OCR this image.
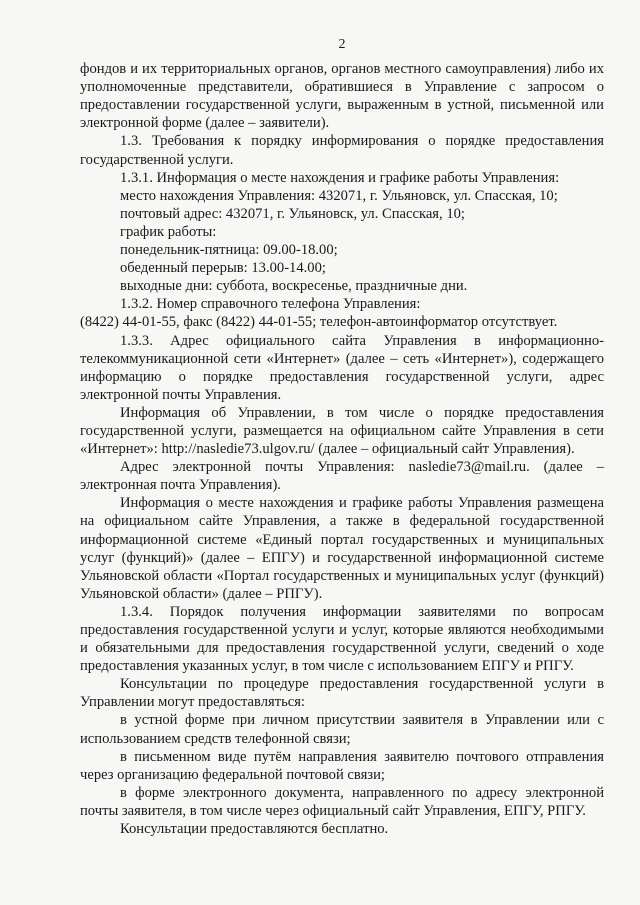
2

фондов и их территориальных органов, органов местного самоуправления) либо их уполномоченные представители, обратившиеся в Управление с запросом о предоставлении государственной услуги, выраженным в устной, письменной или электронной форме (далее – заявители).

1.3. Требования к порядку информирования о порядке предоставления государственной услуги.

1.3.1. Информация о месте нахождения и графике работы Управления:

место нахождения Управления: 432071, г. Ульяновск, ул. Спасская, 10;

почтовый адрес: 432071, г. Ульяновск, ул. Спасская, 10;

график работы:

понедельник-пятница: 09.00-18.00;

обеденный перерыв: 13.00-14.00;

выходные дни: суббота, воскресенье, праздничные дни.

1.3.2. Номер справочного телефона Управления:

(8422) 44-01-55, факс (8422) 44-01-55; телефон-автоинформатор отсутствует.

1.3.3. Адрес официального сайта Управления в информационно-телекоммуникационной сети «Интернет» (далее – сеть «Интернет»), содержащего информацию о порядке предоставления государственной услуги, адрес электронной почты Управления.

Информация об Управлении, в том числе о порядке предоставления государственной услуги, размещается на официальном сайте Управления в сети «Интернет»: http://nasledie73.ulgov.ru/ (далее – официальный сайт Управления).

Адрес электронной почты Управления: nasledie73@mail.ru. (далее – электронная почта Управления).

Информация о месте нахождения и графике работы Управления размещена на официальном сайте Управления, а также в федеральной государственной информационной системе «Единый портал государственных и муниципальных услуг (функций)» (далее – ЕПГУ) и государственной информационной системе Ульяновской области «Портал государственных и муниципальных услуг (функций) Ульяновской области» (далее – РПГУ).

1.3.4. Порядок получения информации заявителями по вопросам предоставления государственной услуги и услуг, которые являются необходимыми и обязательными для предоставления государственной услуги, сведений о ходе предоставления указанных услуг, в том числе с использованием ЕПГУ и РПГУ.

Консультации по процедуре предоставления государственной услуги в Управлении могут предоставляться:

в устной форме при личном присутствии заявителя в Управлении или с использованием средств телефонной связи;

в письменном виде путём направления заявителю почтового отправления через организацию федеральной почтовой связи;

в форме электронного документа, направленного по адресу электронной почты заявителя, в том числе через официальный сайт Управления, ЕПГУ, РПГУ.

Консультации предоставляются бесплатно.
